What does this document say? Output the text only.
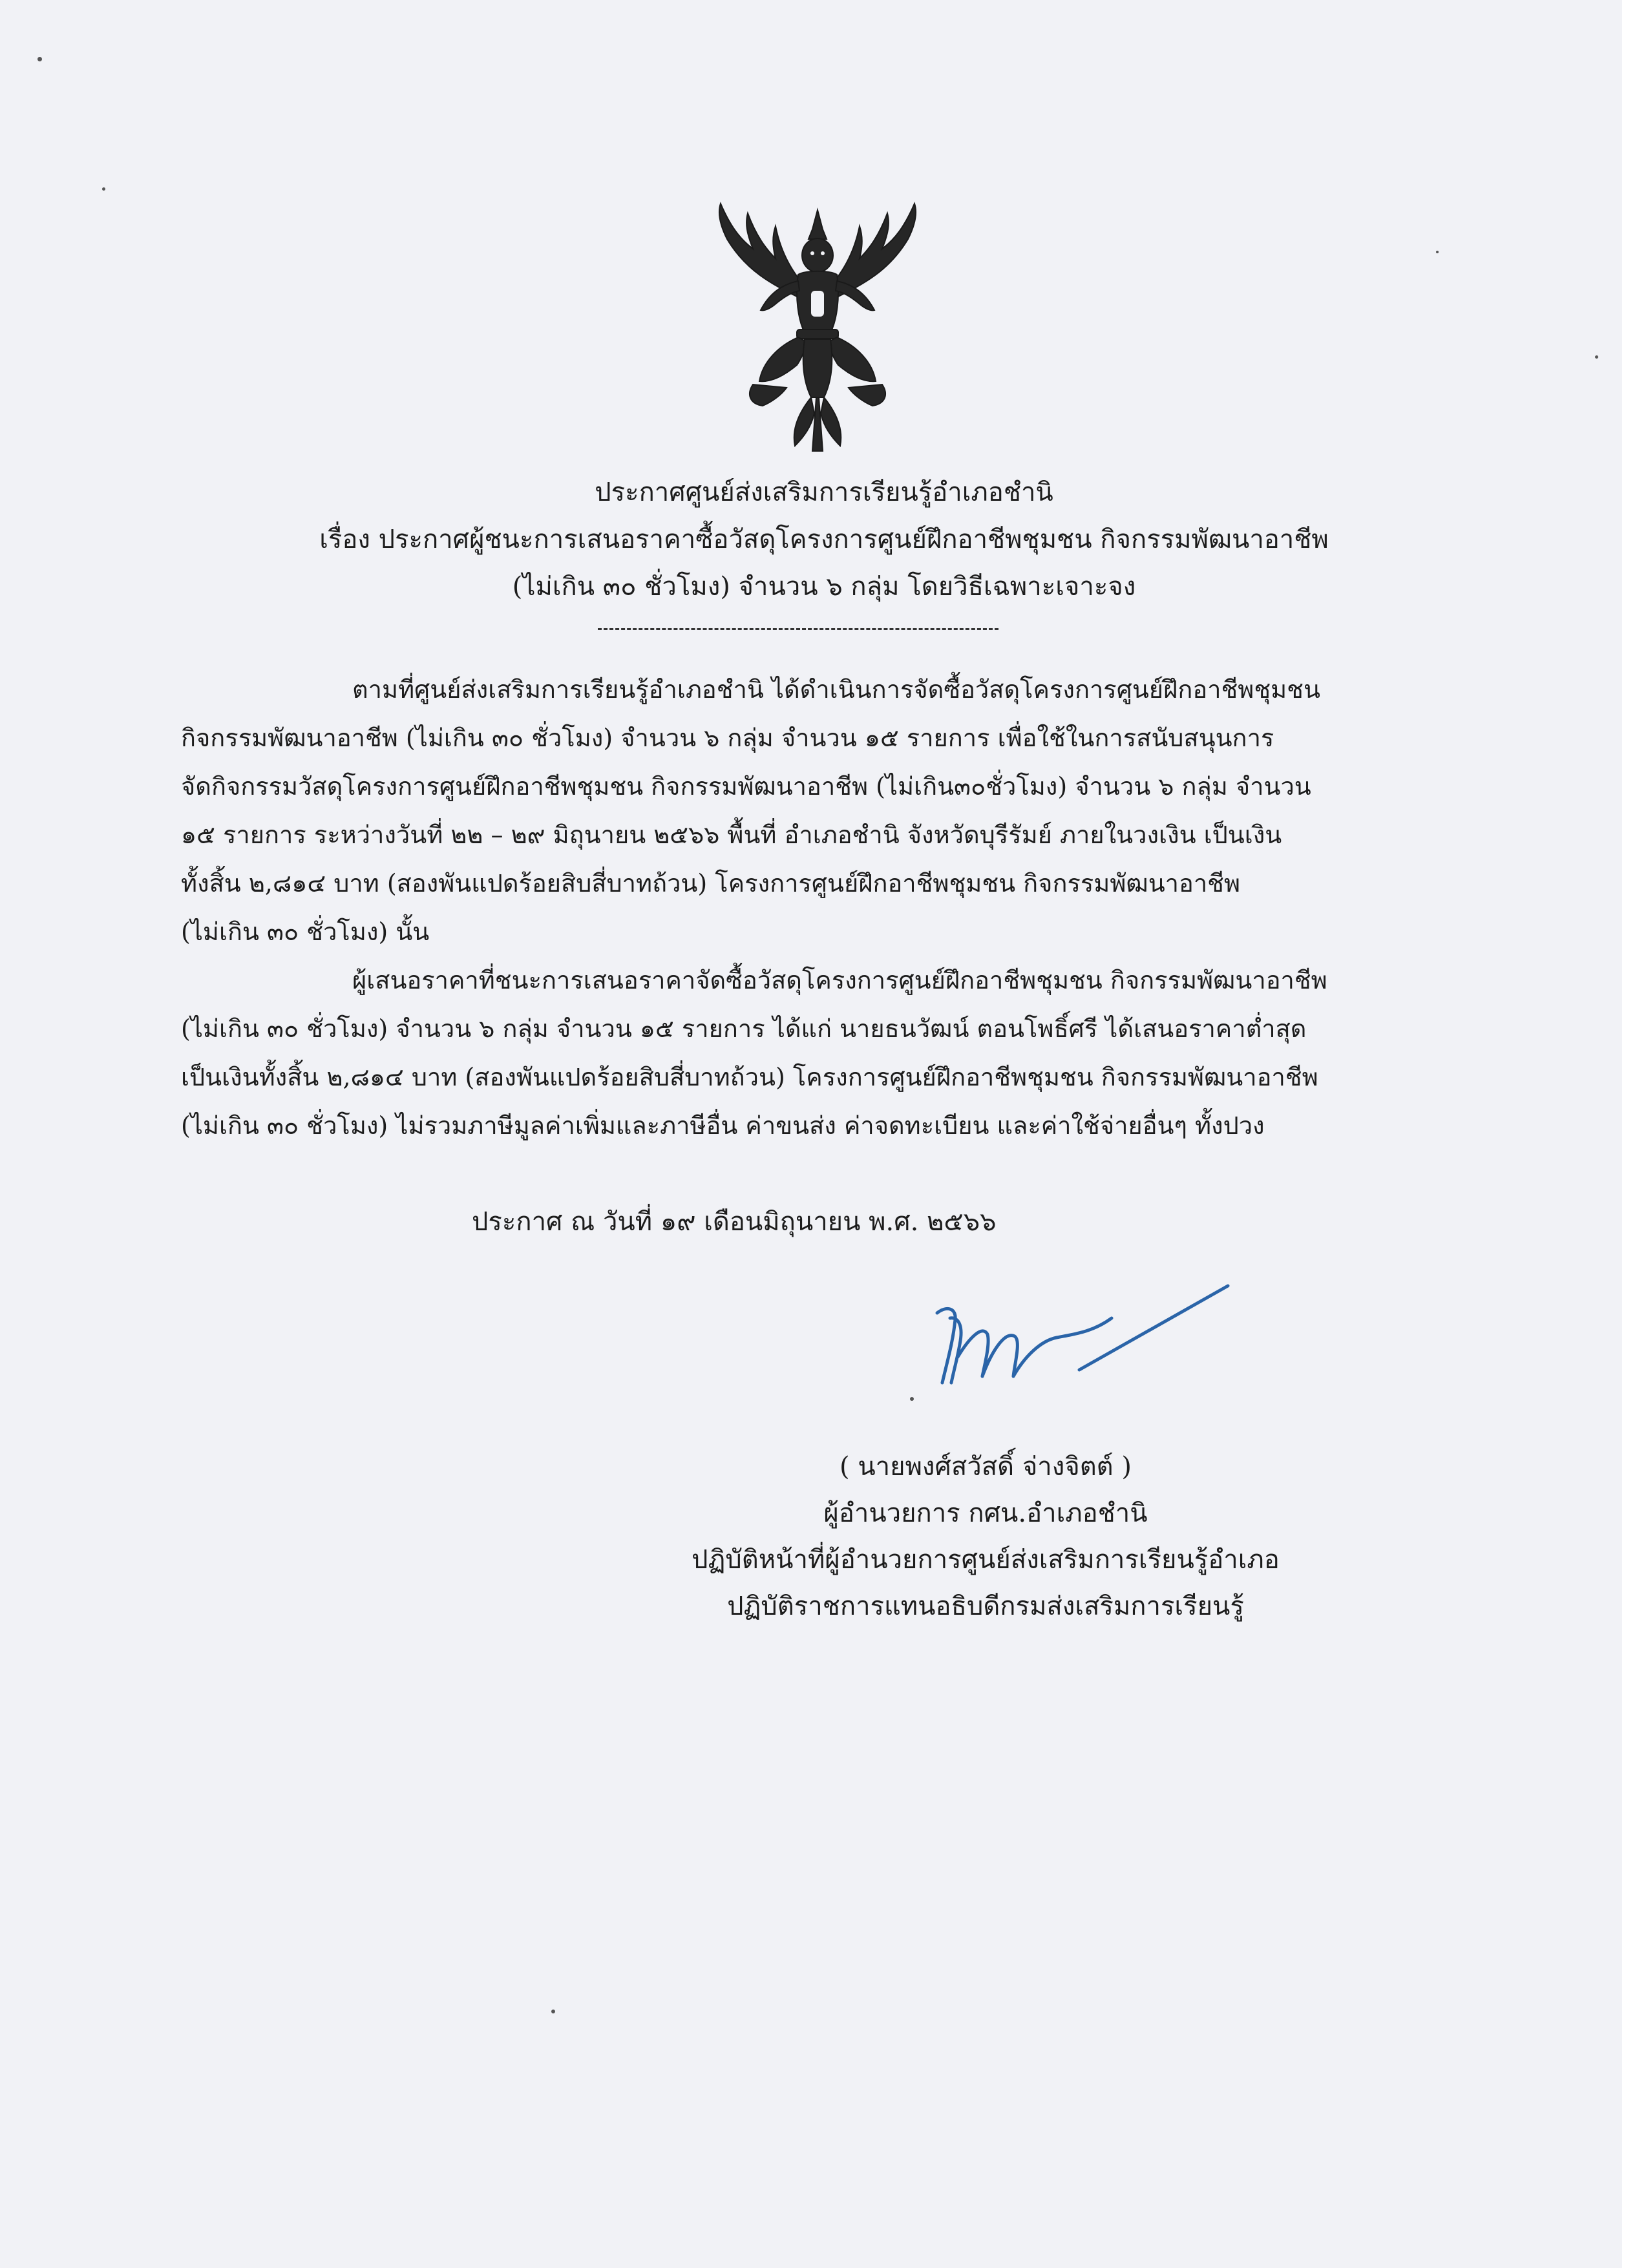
ประกาศศูนย์ส่งเสริมการเรียนรู้อำเภอชำนิ
เรื่อง ประกาศผู้ชนะการเสนอราคาซื้อวัสดุโครงการศูนย์ฝึกอาชีพชุมชน กิจกรรมพัฒนาอาชีพ
(ไม่เกิน ๓๐ ชั่วโมง) จำนวน ๖ กลุ่ม โดยวิธีเฉพาะเจาะจง
ตามที่ศูนย์ส่งเสริมการเรียนรู้อำเภอชำนิ ได้ดำเนินการจัดซื้อวัสดุโครงการศูนย์ฝึกอาชีพชุมชน
กิจกรรมพัฒนาอาชีพ (ไม่เกิน ๓๐ ชั่วโมง) จำนวน ๖ กลุ่ม จำนวน ๑๕ รายการ เพื่อใช้ในการสนับสนุนการ
จัดกิจกรรมวัสดุโครงการศูนย์ฝึกอาชีพชุมชน กิจกรรมพัฒนาอาชีพ (ไม่เกิน๓๐ชั่วโมง) จำนวน ๖ กลุ่ม จำนวน
๑๕ รายการ ระหว่างวันที่ ๒๒ – ๒๙ มิถุนายน ๒๕๖๖ พื้นที่ อำเภอชำนิ จังหวัดบุรีรัมย์ ภายในวงเงิน เป็นเงิน
ทั้งสิ้น ๒,๘๑๔ บาท (สองพันแปดร้อยสิบสี่บาทถ้วน) โครงการศูนย์ฝึกอาชีพชุมชน กิจกรรมพัฒนาอาชีพ
(ไม่เกิน ๓๐ ชั่วโมง) นั้น
ผู้เสนอราคาที่ชนะการเสนอราคาจัดซื้อวัสดุโครงการศูนย์ฝึกอาชีพชุมชน กิจกรรมพัฒนาอาชีพ
(ไม่เกิน ๓๐ ชั่วโมง) จำนวน ๖ กลุ่ม จำนวน ๑๕ รายการ ได้แก่ นายธนวัฒน์ ตอนโพธิ์ศรี ได้เสนอราคาต่ำสุด
เป็นเงินทั้งสิ้น ๒,๘๑๔ บาท (สองพันแปดร้อยสิบสี่บาทถ้วน) โครงการศูนย์ฝึกอาชีพชุมชน กิจกรรมพัฒนาอาชีพ
(ไม่เกิน ๓๐ ชั่วโมง) ไม่รวมภาษีมูลค่าเพิ่มและภาษีอื่น ค่าขนส่ง ค่าจดทะเบียน และค่าใช้จ่ายอื่นๆ ทั้งปวง
ประกาศ ณ วันที่ ๑๙ เดือนมิถุนายน พ.ศ. ๒๕๖๖
( นายพงศ์สวัสดิ์ จ่างจิตต์ )
ผู้อำนวยการ กศน.อำเภอชำนิ
ปฏิบัติหน้าที่ผู้อำนวยการศูนย์ส่งเสริมการเรียนรู้อำเภอ
ปฏิบัติราชการแทนอธิบดีกรมส่งเสริมการเรียนรู้
